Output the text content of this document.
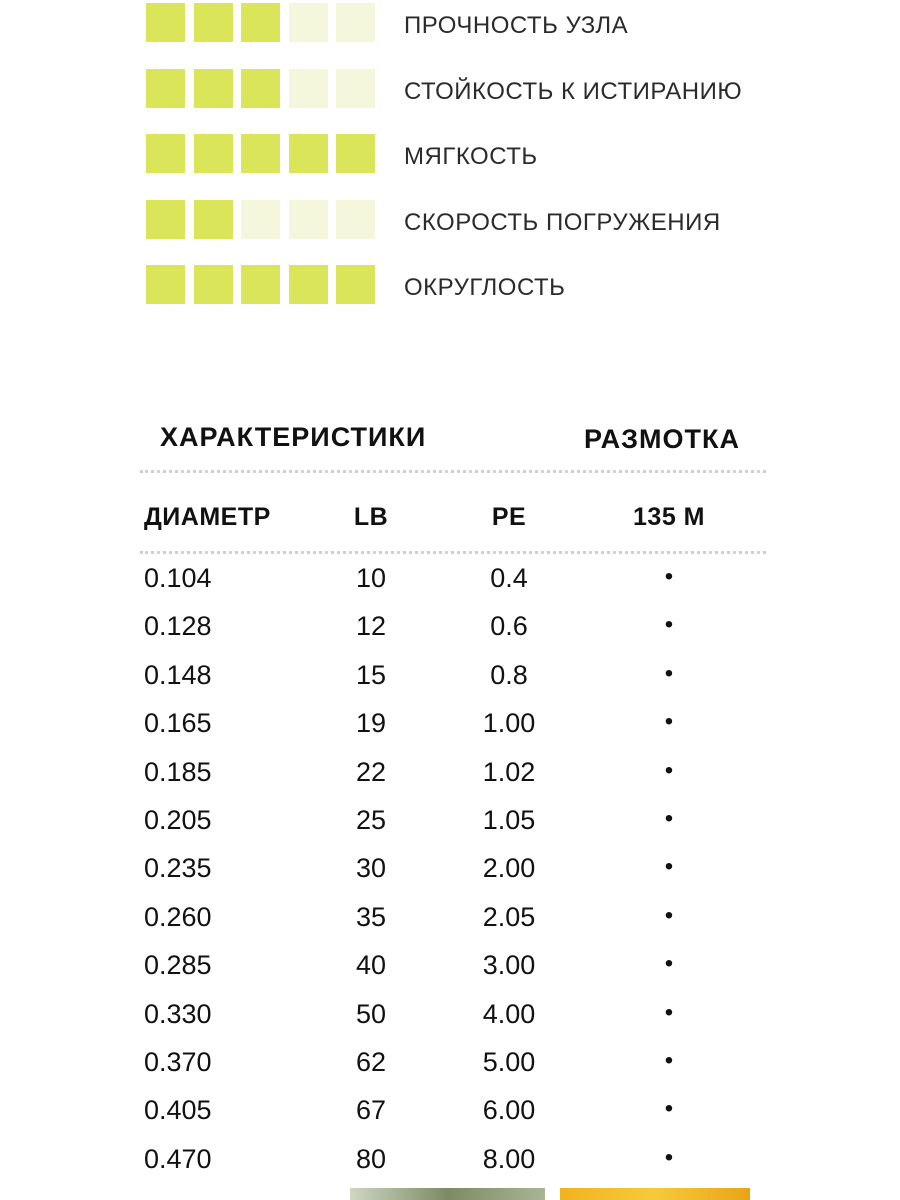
ПРОЧНОСТЬ УЗЛА
СТОЙКОСТЬ К ИСТИРАНИЮ
МЯГКОСТЬ
СКОРОСТЬ ПОГРУЖЕНИЯ
ОКРУГЛОСТЬ
ХАРАКТЕРИСТИКИ	РАЗМОТКА
ДИАМЕТР	LB	PE	135 M
0.104	10	0.4	•
0.128	12	0.6	•
0.148	15	0.8	•
0.165	19	1.00	•
0.185	22	1.02	•
0.205	25	1.05	•
0.235	30	2.00	•
0.260	35	2.05	•
0.285	40	3.00	•
0.330	50	4.00	•
0.370	62	5.00	•
0.405	67	6.00	•
0.470	80	8.00	•
